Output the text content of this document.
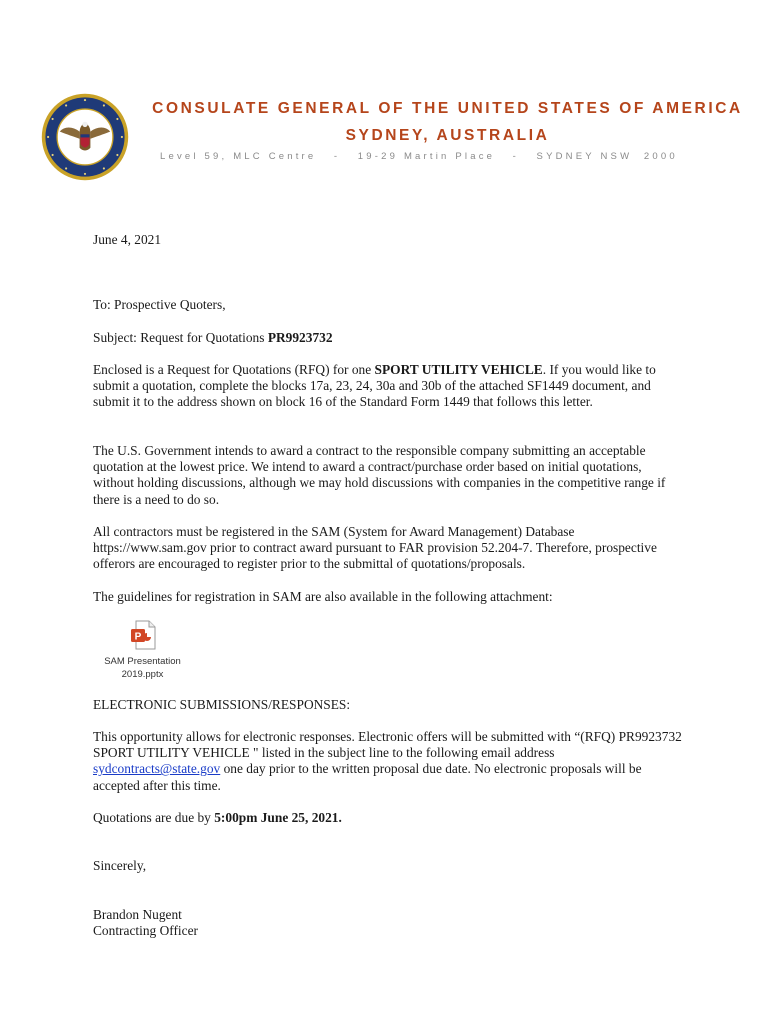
CONSULATE GENERAL OF THE UNITED STATES OF AMERICA
SYDNEY, AUSTRALIA
Level 59, MLC Centre   -   19-29 Martin Place   -   SYDNEY NSW  2000

June 4, 2021

To: Prospective Quoters,

Subject: Request for Quotations PR9923732

Enclosed is a Request for Quotations (RFQ) for one SPORT UTILITY VEHICLE. If you would like to submit a quotation, complete the blocks 17a, 23, 24, 30a and 30b of the attached SF1449 document, and submit it to the address shown on block 16 of the Standard Form 1449 that follows this letter.

The U.S. Government intends to award a contract to the responsible company submitting an acceptable quotation at the lowest price. We intend to award a contract/purchase order based on initial quotations, without holding discussions, although we may hold discussions with companies in the competitive range if there is a need to do so.

All contractors must be registered in the SAM (System for Award Management) Database https://www.sam.gov prior to contract award pursuant to FAR provision 52.204-7. Therefore, prospective offerors are encouraged to register prior to the submittal of quotations/proposals.

The guidelines for registration in SAM are also available in the following attachment:

P
SAM Presentation
2019.pptx

ELECTRONIC SUBMISSIONS/RESPONSES:

This opportunity allows for electronic responses. Electronic offers will be submitted with “(RFQ) PR9923732 SPORT UTILITY VEHICLE " listed in the subject line to the following email address sydcontracts@state.gov one day prior to the written proposal due date. No electronic proposals will be accepted after this time.

Quotations are due by 5:00pm June 25, 2021.

Sincerely,

Brandon Nugent

Contracting Officer
